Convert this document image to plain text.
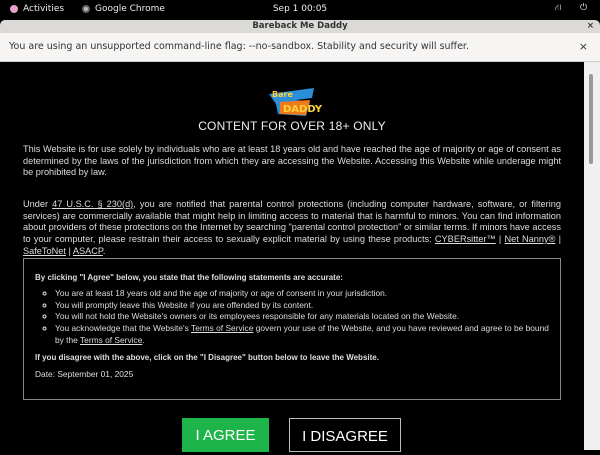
Activities	Google Chrome	Sep 1 00:05	⛙ ⏻
Bareback Me Daddy	×
You are using an unsupported command-line flag: --no-sandbox. Stability and security will suffer.	×
Bare
DADDY
CONTENT FOR OVER 18+ ONLY

This Website is for use solely by individuals who are at least 18 years old and have reached the age of majority or age of consent as determined by the laws of the jurisdiction from which they are accessing the Website. Accessing this Website while underage might be prohibited by law.

Under 47 U.S.C. § 230(d), you are notified that parental control protections (including computer hardware, software, or filtering services) are commercially available that might help in limiting access to material that is harmful to minors. You can find information about providers of these protections on the Internet by searching "parental control protection" or similar terms. If minors have access to your computer, please restrain their access to sexually explicit material by using these products: CYBERsitter™ | Net Nanny® | SafeToNet | ASACP.

By clicking "I Agree" below, you state that the following statements are accurate:
◦ You are at least 18 years old and the age of majority or age of consent in your jurisdiction.
◦ You will promptly leave this Website if you are offended by its content.
◦ You will not hold the Website's owners or its employees responsible for any materials located on the Website.
◦ You acknowledge that the Website's Terms of Service govern your use of the Website, and you have reviewed and agree to be bound by the Terms of Service.
If you disagree with the above, click on the "I Disagree" button below to leave the Website.
Date: September 01, 2025
I AGREE	I DISAGREE
